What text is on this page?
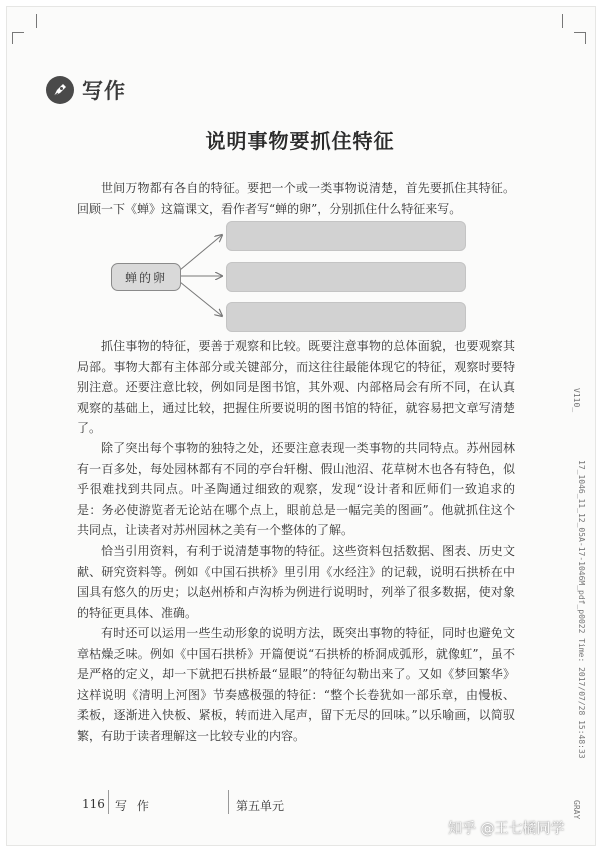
写作
说明事物要抓住特征

世间万物都有各自的特征。要把一个或一类事物说清楚，首先要抓住其特征。回顾一下《蝉》这篇课文，看作者写“蝉的卵”，分别抓住什么特征来写。

蝉的卵

抓住事物的特征，要善于观察和比较。既要注意事物的总体面貌，也要观察其局部。事物大都有主体部分或关键部分，而这往往最能体现它的特征，观察时要特别注意。还要注意比较，例如同是图书馆，其外观、内部格局会有所不同，在认真观察的基础上，通过比较，把握住所要说明的图书馆的特征，就容易把文章写清楚了。

除了突出每个事物的独特之处，还要注意表现一类事物的共同特点。苏州园林有一百多处，每处园林都有不同的亭台轩榭、假山池沼、花草树木也各有特色，似乎很难找到共同点。叶圣陶通过细致的观察，发现“设计者和匠师们一致追求的是：务必使游览者无论站在哪个点上，眼前总是一幅完美的图画”。他就抓住这个共同点，让读者对苏州园林之美有一个整体的了解。

恰当引用资料，有利于说清楚事物的特征。这些资料包括数据、图表、历史文献、研究资料等。例如《中国石拱桥》里引用《水经注》的记载，说明石拱桥在中国具有悠久的历史；以赵州桥和卢沟桥为例进行说明时，列举了很多数据，使对象的特征更具体、准确。

有时还可以运用一些生动形象的说明方法，既突出事物的特征，同时也避免文章枯燥乏味。例如《中国石拱桥》开篇便说“石拱桥的桥洞成弧形，就像虹”，虽不是严格的定义，却一下就把石拱桥最“显眼”的特征勾勒出来了。又如《梦回繁华》这样说明《清明上河图》节奏感极强的特征：“整个长卷犹如一部乐章，由慢板、柔板，逐渐进入快板、紧板，转而进入尾声，留下无尽的回味。”以乐喻画，以简驭繁，有助于读者理解这一比较专业的内容。

116 写 作	第五单元
V110_
17_1046_11_12_05A-17-1046M_pdf_p0022 Time: 2017/07/28 15:48:33
GRAY
知乎 @王七橘同学
